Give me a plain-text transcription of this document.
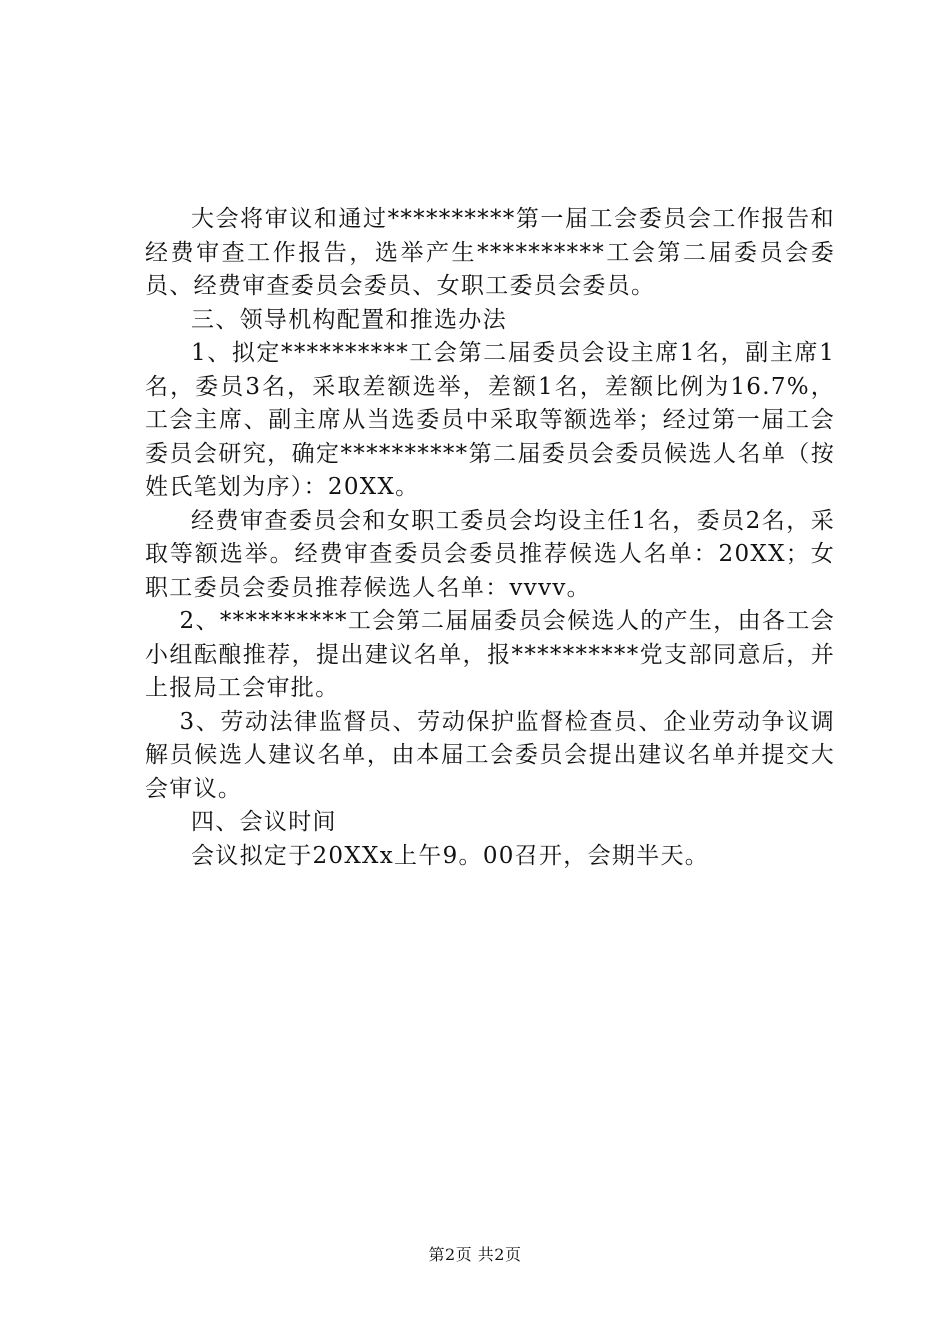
大会将审议和通过**********第一届工会委员会工作报告和经费审查工作报告，选举产生**********工会第二届委员会委员、经费审查委员会委员、女职工委员会委员。

三、领导机构配置和推选办法

1、拟定**********工会第二届委员会设主席1名，副主席1名，委员3名，采取差额选举，差额1名，差额比例为16.7%，工会主席、副主席从当选委员中采取等额选举；经过第一届工会委员会研究，确定**********第二届委员会委员候选人名单（按姓氏笔划为序）：20XX。

经费审查委员会和女职工委员会均设主任1名，委员2名，采取等额选举。经费审查委员会委员推荐候选人名单：20XX；女职工委员会委员推荐候选人名单：vvvv。

2、**********工会第二届届委员会候选人的产生，由各工会小组酝酿推荐，提出建议名单，报**********党支部同意后，并上报局工会审批。

3、劳动法律监督员、劳动保护监督检查员、企业劳动争议调解员候选人建议名单，由本届工会委员会提出建议名单并提交大会审议。

四、会议时间

会议拟定于20XXx上午9。00召开，会期半天。

第2页 共2页
